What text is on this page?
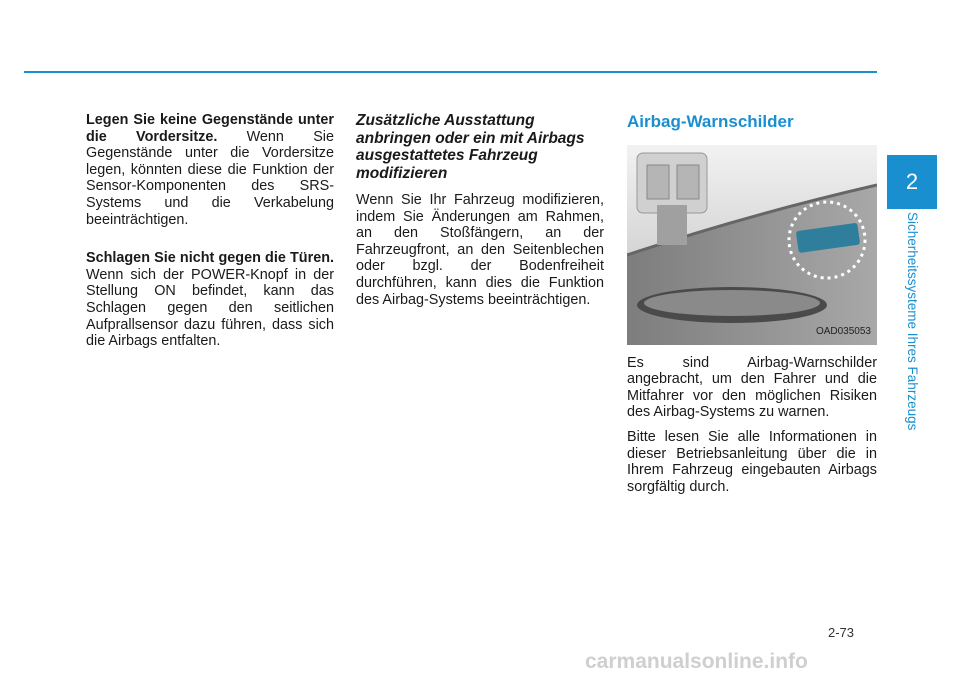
Legen Sie keine Gegenstände unter die Vordersitze. Wenn Sie Gegenstände unter die Vordersitze legen, könnten diese die Funktion der Sensor-Komponenten des SRS-Systems und die Verkabelung beeinträchtigen.

Schlagen Sie nicht gegen die Türen. Wenn sich der POWER-Knopf in der Stellung ON befindet, kann das Schlagen gegen den seitlichen Aufprallsensor dazu führen, dass sich die Airbags entfalten.

Zusätzliche Ausstattung anbringen oder ein mit Airbags ausgestattetes Fahrzeug modifizieren

Wenn Sie Ihr Fahrzeug modifizieren, indem Sie Änderungen am Rahmen, an den Stoßfängern, an der Fahrzeugfront, an den Seitenblechen oder bzgl. der Bodenfreiheit durchführen, kann dies die Funktion des Airbag-Systems beeinträchtigen.

Airbag-Warnschilder
OAD035053

Es sind Airbag-Warnschilder angebracht, um den Fahrer und die Mitfahrer vor den möglichen Risiken des Airbag-Systems zu warnen.

Bitte lesen Sie alle Informationen in dieser Betriebsanleitung über die in Ihrem Fahrzeug eingebauten Airbags sorgfältig durch.

2
Sicherheitssysteme Ihres Fahrzeugs
2-73
carmanualsonline.info
